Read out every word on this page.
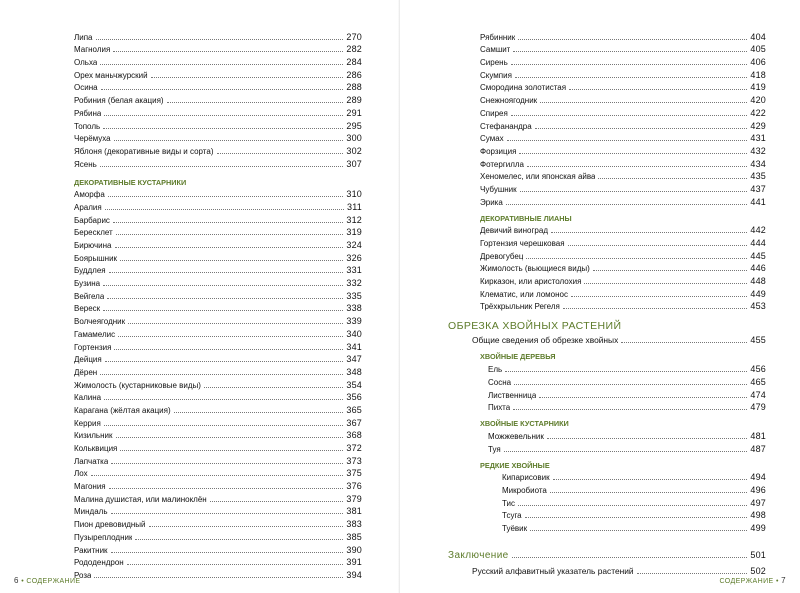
Липа	270
Магнолия	282
Ольха	284
Орех маньчжурский	286
Осина	288
Робиния (белая акация)	289
Рябина	291
Тополь	295
Черёмуха	300
Яблоня (декоративные виды и сорта)	302
Ясень	307
ДЕКОРАТИВНЫЕ КУСТАРНИКИ
Аморфа	310
Аралия	311
Барбарис	312
Бересклет	319
Бирючина	324
Боярышник	326
Буддлея	331
Бузина	332
Вейгела	335
Вереск	338
Волчеягодник	339
Гамамелис	340
Гортензия	341
Дейция	347
Дёрен	348
Жимолость (кустарниковые виды)	354
Калина	356
Карагана (жёлтая акация)	365
Керрия	367
Кизильник	368
Кольквиция	372
Лапчатка	373
Лох	375
Магония	376
Малина душистая, или малиноклён	379
Миндаль	381
Пион древовидный	383
Пузыреплодник	385
Ракитник	390
Рододендрон	391
Роза	394
6 • СОДЕРЖАНИЕ
Рябинник	404
Самшит	405
Сирень	406
Скумпия	418
Смородина золотистая	419
Снежноягодник	420
Спирея	422
Стефанандра	429
Сумах	431
Форзиция	432
Фотергилла	434
Хеномелес, или японская айва	435
Чубушник	437
Эрика	441
ДЕКОРАТИВНЫЕ ЛИАНЫ
Девичий виноград	442
Гортензия черешковая	444
Древогубец	445
Жимолость (вьющиеся виды)	446
Кирказон, или аристолохия	448
Клематис, или ломонос	449
Трёхкрыльник Регеля	453
ОБРЕЗКА ХВОЙНЫХ РАСТЕНИЙ
Общие сведения об обрезке хвойных	455
ХВОЙНЫЕ ДЕРЕВЬЯ
Ель	456
Сосна	465
Лиственница	474
Пихта	479
ХВОЙНЫЕ КУСТАРНИКИ
Можжевельник	481
Туя	487
РЕДКИЕ ХВОЙНЫЕ
Кипарисовик	494
Микробиота	496
Тис	497
Тсуга	498
Туёвик	499
Заключение	501
Русский алфавитный указатель растений	502
СОДЕРЖАНИЕ • 7
